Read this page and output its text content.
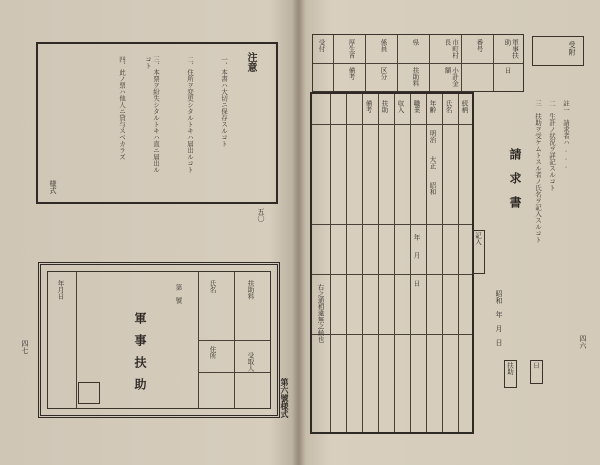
注意
一、本書ハ大切ニ保存スルコト
二、住所ヲ変更シタルトキハ届出ルコト
三、本票ヲ紛失シタルトキハ直ニ届出ルコト
四、此ノ票ハ他人ニ貸与スベカラズ
様式
五〇
四七
第六號様式
軍事扶助
扶助料
氏名
住所
年月日
受取人
第　號
軍事扶助
番号
市町村長
県
係員
厚生省
受付
日
小計金額
扶助料
区分
備考
受附
四六
請求書
昭和　年　月　日
註一　請求者ハ...
二　生計ノ状況ヲ詳記スルコト
三　扶助ヲ受ケムトスル者ノ氏名ヲ記入スルコト
続柄
氏名
年齢
職業
収入
扶助
備考
明治
大正
昭和
年
月
日
右之通相違無之候也
記入
扶助	日
